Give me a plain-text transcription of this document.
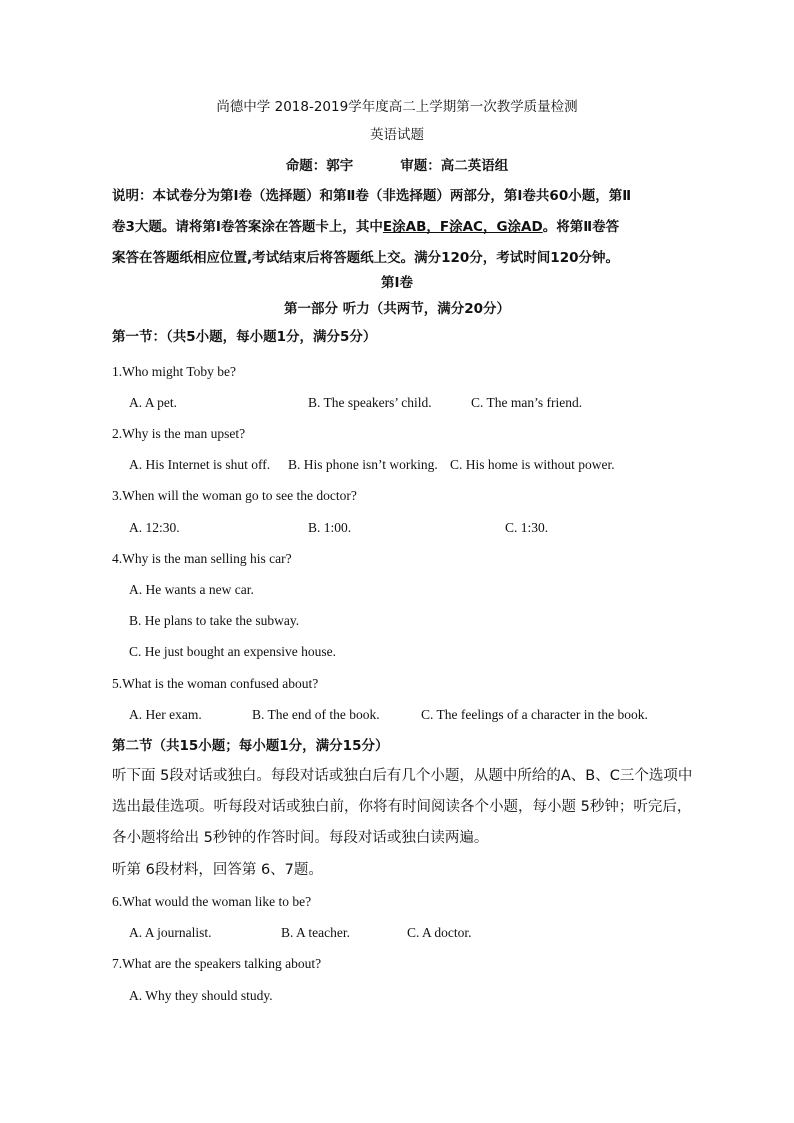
尚德中学 2018-2019学年度高二上学期第一次教学质量检测
英语试题
命题：郭宇          审题：高二英语组
说明：本试卷分为第Ⅰ卷（选择题）和第Ⅱ卷（非选择题）两部分，第Ⅰ卷共60小题，第Ⅱ
卷3大题。请将第Ⅰ卷答案涂在答题卡上，其中E涂AB，F涂AC，G涂AD。将第Ⅱ卷答
案答在答题纸相应位置,考试结束后将答题纸上交。满分120分，考试时间120分钟。
第Ⅰ卷
第一部分 听力（共两节，满分20分）
第一节：（共5小题，每小题1分，满分5分）
1.Who might Toby be?
A. A pet.	B. The speakers’ child.	C. The man’s friend.
2.Why is the man upset?
A. His Internet is shut off. B. His phone isn’t working. C. His home is without power.
3.When will the woman go to see the doctor?
A. 12:30.	B. 1:00.	C. 1:30.
4.Why is the man selling his car?
A. He wants a new car.
B. He plans to take the subway.
C. He just bought an expensive house.
5.What is the woman confused about?
A. Her exam.	B. The end of the book.	C. The feelings of a character in the book.
第二节（共15小题；每小题1分，满分15分）
听下面 5段对话或独白。每段对话或独白后有几个小题，从题中所给的A、B、C三个选项中
选出最佳选项。听每段对话或独白前，你将有时间阅读各个小题，每小题 5秒钟；听完后，
各小题将给出 5秒钟的作答时间。每段对话或独白读两遍。
听第 6段材料，回答第 6、7题。
6.What would the woman like to be?
A. A journalist.	B. A teacher.	C. A doctor.
7.What are the speakers talking about?
A. Why they should study.
